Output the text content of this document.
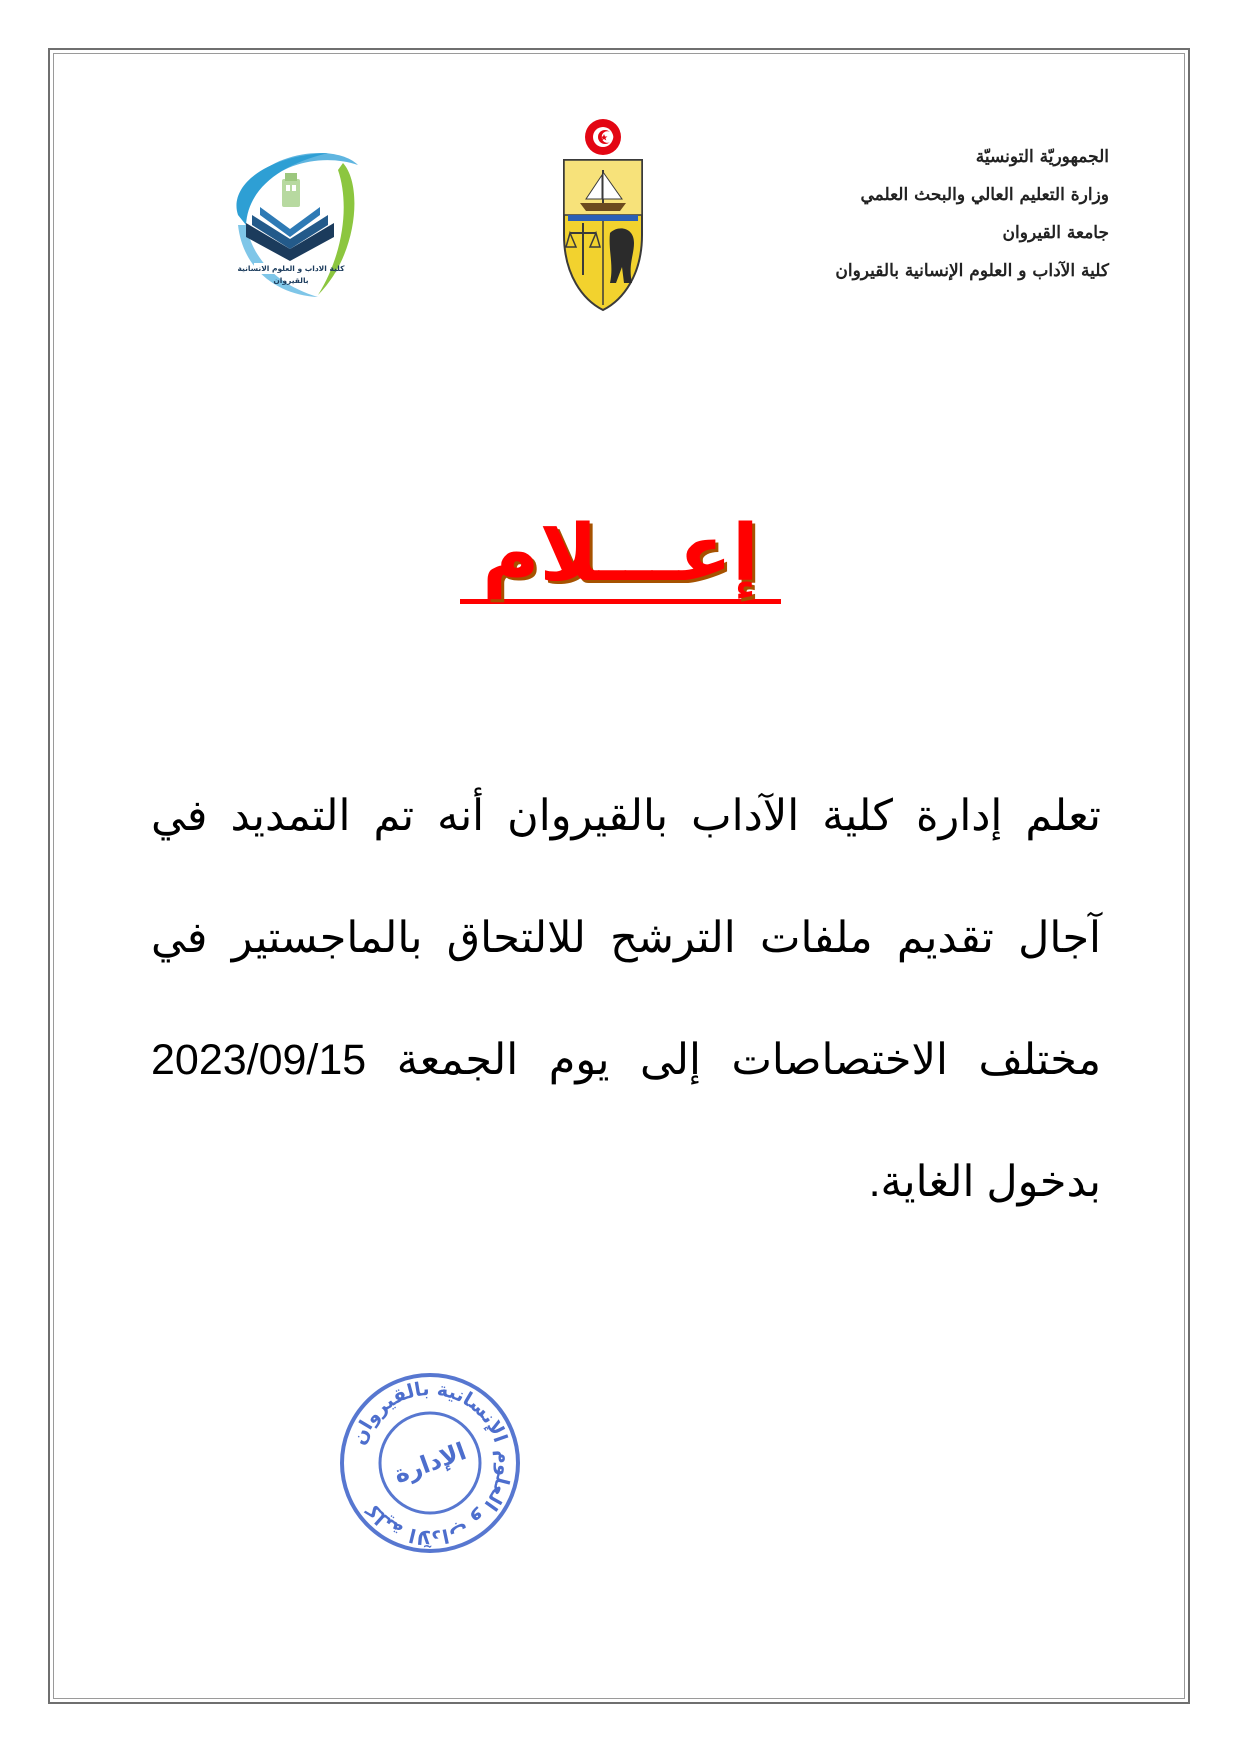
الجمهوريّة التونسيّة
وزارة التعليم العالي والبحث العلمي
جامعة القيروان
كلية الآداب و العلوم الإنسانية بالقيروان
كلية الاداب و العلوم الانسانية
بالقيروان
إعـــلام

تعلم إدارة كلية الآداب بالقيروان أنه تم التمديد في آجال تقديم ملفات الترشح للالتحاق بالماجستير في مختلف الاختصاصات إلى يوم الجمعة 2023/09/15 بدخول الغاية.

كلية الآداب و العلوم الإنسانية بالقيروان
الإدارة
